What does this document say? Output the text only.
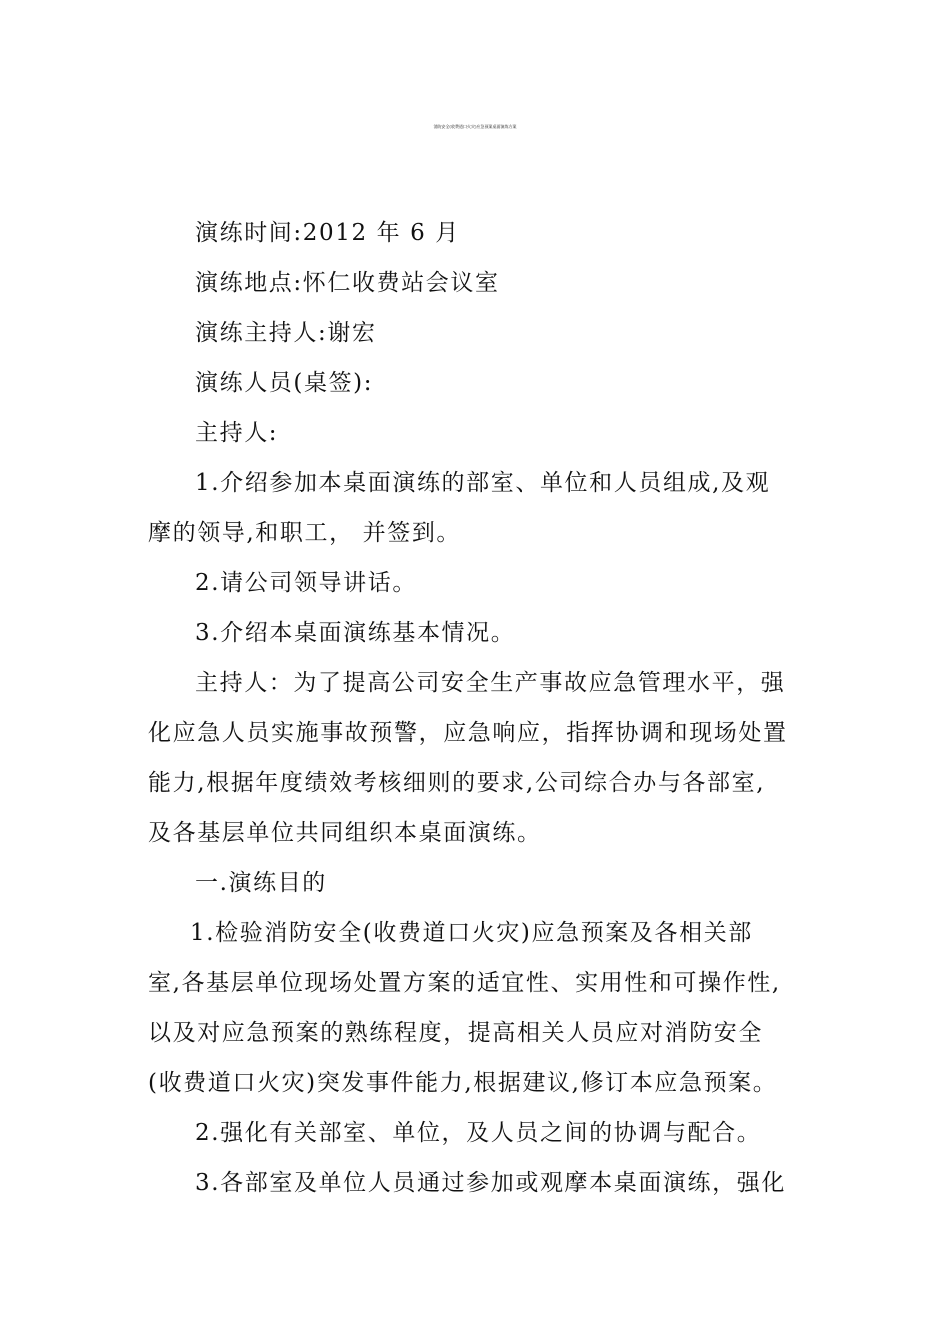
消防安全(收费道口火灾)应急预案桌面演练方案
演练时间:2012 年 6 月
演练地点:怀仁收费站会议室
演练主持人:谢宏
演练人员(桌签):
主持人:
1.介绍参加本桌面演练的部室、单位和人员组成,及观
摩的领导,和职工， 并签到。
2.请公司领导讲话。
3.介绍本桌面演练基本情况。
主持人：为了提高公司安全生产事故应急管理水平，强
化应急人员实施事故预警，应急响应，指挥协调和现场处置
能力,根据年度绩效考核细则的要求,公司综合办与各部室,
及各基层单位共同组织本桌面演练。
一.演练目的
1.检验消防安全(收费道口火灾)应急预案及各相关部
室,各基层单位现场处置方案的适宜性、实用性和可操作性,
以及对应急预案的熟练程度，提高相关人员应对消防安全
(收费道口火灾)突发事件能力,根据建议,修订本应急预案。
2.强化有关部室、单位，及人员之间的协调与配合。
3.各部室及单位人员通过参加或观摩本桌面演练，强化
